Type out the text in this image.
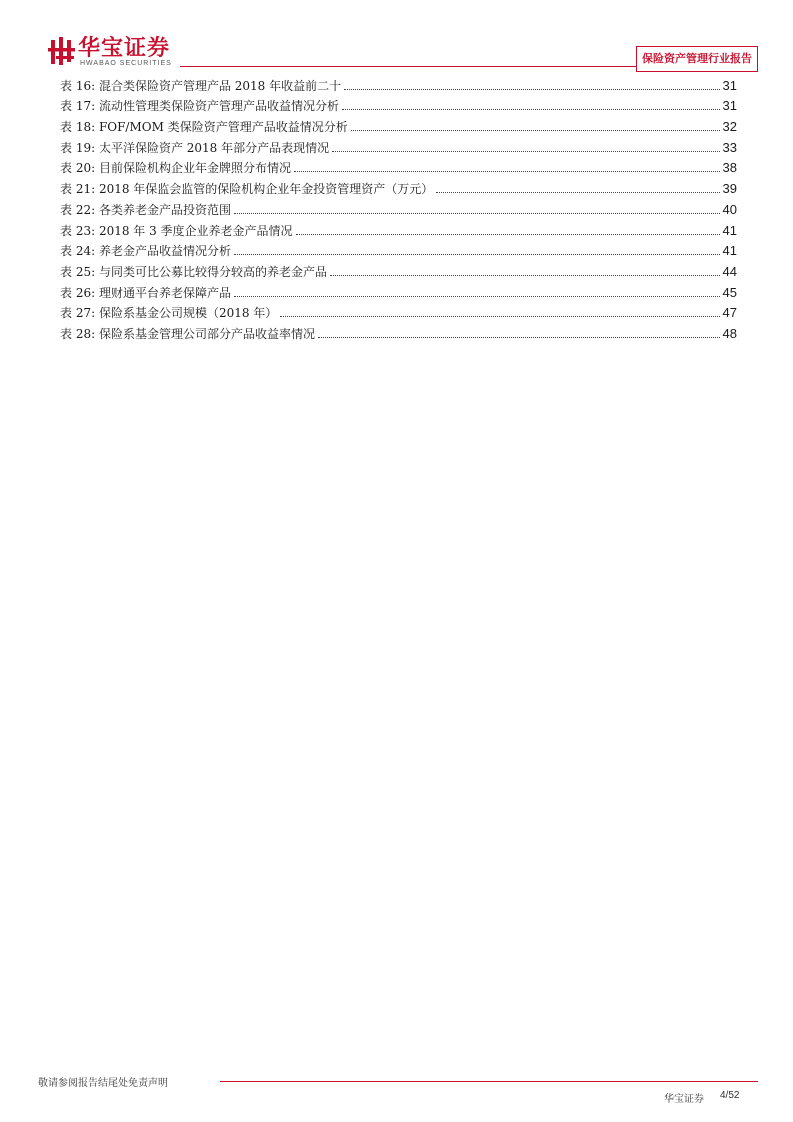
华宝证券
HWABAO SECURITIES	保险资产管理行业报告
表 16: 混合类保险资产管理产品 2018 年收益前二十	31
表 17: 流动性管理类保险资产管理产品收益情况分析	31
表 18: FOF/MOM 类保险资产管理产品收益情况分析	32
表 19: 太平洋保险资产 2018 年部分产品表现情况	33
表 20: 目前保险机构企业年金牌照分布情况	38
表 21: 2018 年保监会监管的保险机构企业年金投资管理资产（万元）	39
表 22: 各类养老金产品投资范围	40
表 23: 2018 年 3 季度企业养老金产品情况	41
表 24: 养老金产品收益情况分析	41
表 25: 与同类可比公募比较得分较高的养老金产品	44
表 26: 理财通平台养老保障产品	45
表 27: 保险系基金公司规模（2018 年）	47
表 28: 保险系基金管理公司部分产品收益率情况	48
敬请参阅报告结尾处免责声明
华宝证券 4/52
